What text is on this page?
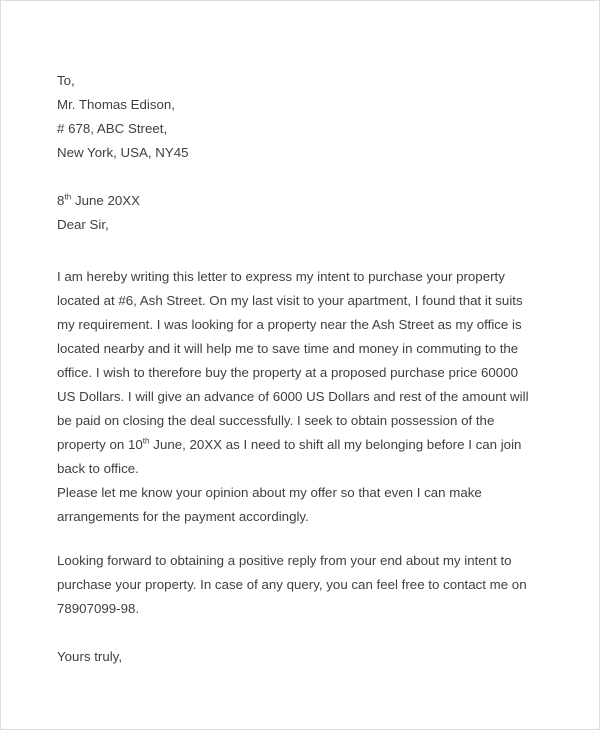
To,
Mr. Thomas Edison,
# 678, ABC Street,
New York, USA, NY45
8th June 20XX
Dear Sir,

I am hereby writing this letter to express my intent to purchase your property located at #6, Ash Street. On my last visit to your apartment, I found that it suits my requirement. I was looking for a property near the Ash Street as my office is located nearby and it will help me to save time and money in commuting to the office. I wish to therefore buy the property at a proposed purchase price 60000 US Dollars. I will give an advance of 6000 US Dollars and rest of the amount will be paid on closing the deal successfully. I seek to obtain possession of the property on 10th June, 20XX as I need to shift all my belonging before I can join back to office.

Please let me know your opinion about my offer so that even I can make arrangements for the payment accordingly.

Looking forward to obtaining a positive reply from your end about my intent to purchase your property. In case of any query, you can feel free to contact me on 78907099-98.

Yours truly,
